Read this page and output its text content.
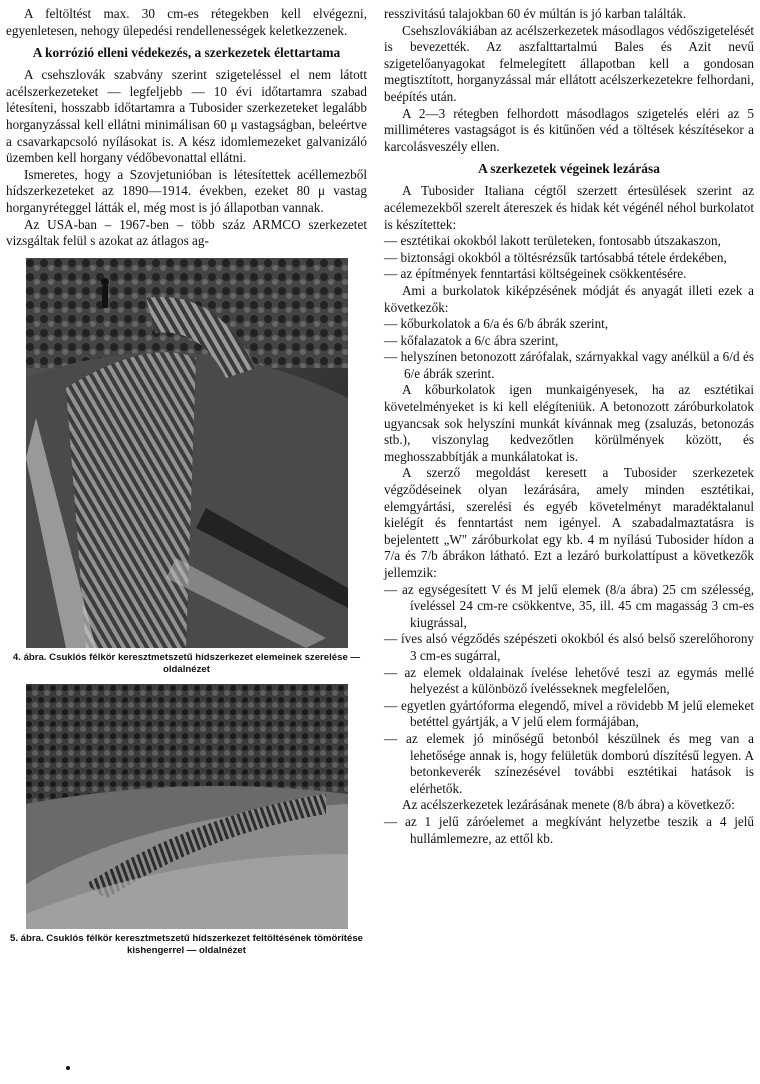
A feltöltést max. 30 cm-es rétegekben kell elvégezni, egyenletesen, nehogy ülepedési rendellenességek keletkezzenek.

A korrózió elleni védekezés, a szerkezetek élettartama

A csehszlovák szabvány szerint szigeteléssel el nem látott acélszerkezeteket — legfeljebb — 10 évi időtartamra szabad létesíteni, hosszabb időtartamra a Tubosider szerkezeteket legalább horganyzással kell ellátni minimálisan 60 μ vastagságban, beleértve a csavarkapcsoló nyílásokat is. A kész idomlemezeket galvanizáló üzemben kell horgany védőbevonattal ellátni.

Ismeretes, hogy a Szovjetunióban is létesítettek acéllemezből hídszerkezeteket az 1890—1914. években, ezeket 80 μ vastag horganyréteggel látták el, még most is jó állapotban vannak.

Az USA-ban – 1967-ben – több száz ARMCO szerkezetet vizsgáltak felül s azokat az átlagos ag-

4. ábra. Csuklós félkör keresztmetszetű hídszerkezet elemeinek szerelése — oldalnézet
5. ábra. Csuklós félkör keresztmetszetű hídszerkezet feltöltésének tömörítése kishengerrel — oldalnézet

resszivitású talajokban 60 év múltán is jó karban találták.

Csehszlovákiában az acélszerkezetek másodlagos védőszigetelését is bevezették. Az aszfalttartalmú Bales és Azit nevű szigetelőanyagokat felmelegített állapotban kell a gondosan megtisztított, horganyzással már ellátott acélszerkezetekre felhordani, beépítés után.

A 2—3 rétegben felhordott másodlagos szigetelés eléri az 5 milliméteres vastagságot is és kitűnően véd a töltések készítésekor a karcolásveszély ellen.

A szerkezetek végeinek lezárása

A Tubosider Italiana cégtől szerzett értesülések szerint az acélemezekből szerelt átereszek és hidak két végénél néhol burkolatot is készítettek:

— esztétikai okokból lakott területeken, fontosabb útszakaszon,
— biztonsági okokból a töltésrézsűk tartósabbá tétele érdekében,
— az építmények fenntartási költségeinek csökkentésére.

Ami a burkolatok kiképzésének módját és anyagát illeti ezek a következők:

— kőburkolatok a 6/a és 6/b ábrák szerint,
— kőfalazatok a 6/c ábra szerint,
— helyszínen betonozott zárófalak, szárnyakkal vagy anélkül a 6/d és 6/e ábrák szerint.

A kőburkolatok igen munkaigényesek, ha az esztétikai követelményeket is ki kell elégíteniük. A betonozott záróburkolatok ugyancsak sok helyszíni munkát kívánnak meg (zsaluzás, betonozás stb.), viszonylag kedvezőtlen körülmények között, és meghosszabbítják a munkálatokat is.

A szerző megoldást keresett a Tubosider szerkezetek végződéseinek olyan lezárására, amely minden esztétikai, elemgyártási, szerelési és egyéb követelményt maradéktalanul kielégít és fenntartást nem igényel. A szabadalmaztatásra is bejelentett „W" záróburkolat egy kb. 4 m nyílású Tubosider hídon a 7/a és 7/b ábrákon látható. Ezt a lezáró burkolattípust a következők jellemzik:

— az egységesített V és M jelű elemek (8/a ábra) 25 cm szélesség, íveléssel 24 cm-re csökkentve, 35, ill. 45 cm magasság 3 cm-es kiugrással,
— íves alsó végződés szépészeti okokból és alsó belső szerelőhorony 3 cm-es sugárral,
— az elemek oldalainak ívelése lehetővé teszi az egymás mellé helyezést a különböző ívelésseknek megfelelően,
— egyetlen gyártóforma elegendő, mivel a rövidebb M jelű elemeket betéttel gyártják, a V jelű elem formájában,
— az elemek jó minőségű betonból készülnek és meg van a lehetősége annak is, hogy felületük domború díszítésű legyen. A betonkeverék színezésével további esztétikai hatások is elérhetők.

Az acélszerkezetek lezárásának menete (8/b ábra) a következő:

— az 1 jelű záróelemet a megkívánt helyzetbe teszik a 4 jelű hullámlemezre, az ettől kb.
